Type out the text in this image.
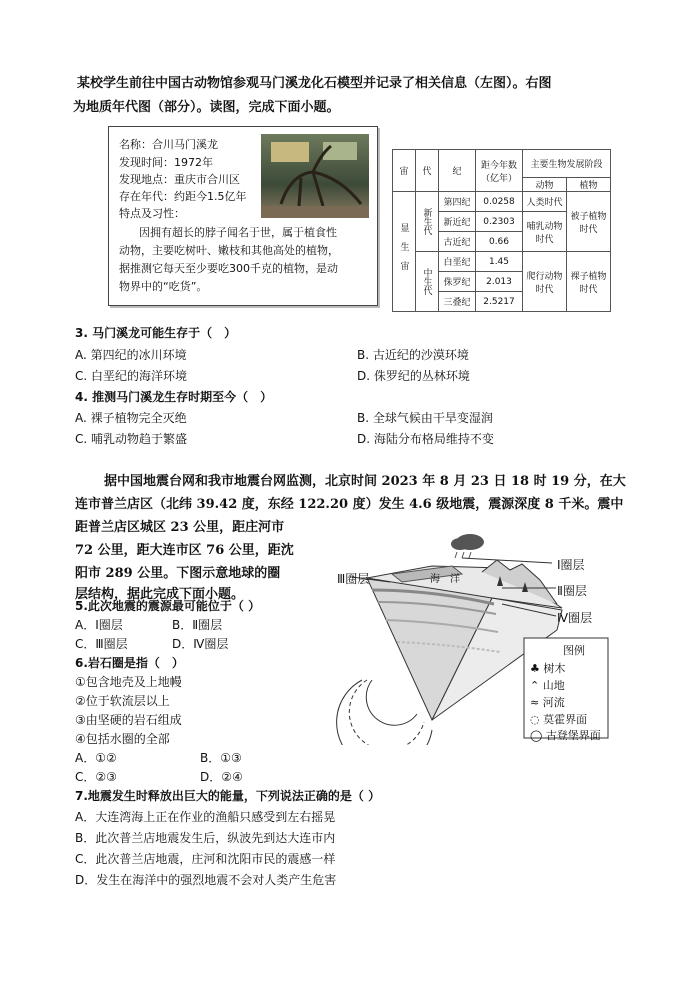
某校学生前往中国古动物馆参观马门溪龙化石模型并记录了相关信息（左图）。右图
为地质年代图（部分）。读图，完成下面小题。
名称：合川马门溪龙
发现时间：1972年
发现地点：重庆市合川区
存在年代：约距今1.5亿年
特点及习性：
因拥有超长的脖子闻名于世，属于植食性
动物，主要吃树叶、嫩枝和其他高处的植物，
据推测它每天至少要吃300千克的植物，是动
物界中的“吃货”。
宙	代	纪	距今年数（亿年）	主要生物发展阶段	
				动物	植物
显生宙	新生代	第四纪	0.0258	人类时代	被子植物时代
		新近纪	0.2303	哺乳动物时代	
		古近纪	0.66		
	中生代	白垩纪	1.45	爬行动物时代	裸子植物时代
		侏罗纪	2.013		
		三叠纪	2.5217		
3. 马门溪龙可能生存于（　）
A. 第四纪的冰川环境	B. 古近纪的沙漠环境
C. 白垩纪的海洋环境	D. 侏罗纪的丛林环境
4. 推测马门溪龙生存时期至今（　）
A. 裸子植物完全灭绝	B. 全球气候由干旱变湿润
C. 哺乳动物趋于繁盛	D. 海陆分布格局维持不变
据中国地震台网和我市地震台网监测，北京时间 2023 年 8 月 23 日 18 时 19 分，在大
连市普兰店区（北纬 39.42 度，东经 122.20 度）发生 4.6 级地震，震源深度 8 千米。震中
距普兰店区城区 23 公里，距庄河市
72 公里，距大连市区 76 公里，距沈
阳市 289 公里。下图示意地球的圈
层结构，据此完成下面小题。
Ⅰ圈层
Ⅲ圈层	海　洋
Ⅱ圈层
Ⅳ圈层
图例
♣ 树木
⌃ 山地
≈ 河流
◌ 莫霍界面
◯ 古登堡界面
5.此次地震的震源最可能位于（ ）
A．Ⅰ圈层	B．Ⅱ圈层
C．Ⅲ圈层	D．Ⅳ圈层
6.岩石圈是指（　）
①包含地壳及上地幔
②位于软流层以上
③由坚硬的岩石组成
④包括水圈的全部
A．①②	B．①③
C．②③	D．②④
7.地震发生时释放出巨大的能量，下列说法正确的是（ ）
A．大连湾海上正在作业的渔船只感受到左右摇晃
B．此次普兰店地震发生后，纵波先到达大连市内
C．此次普兰店地震，庄河和沈阳市民的震感一样
D．发生在海洋中的强烈地震不会对人类产生危害
